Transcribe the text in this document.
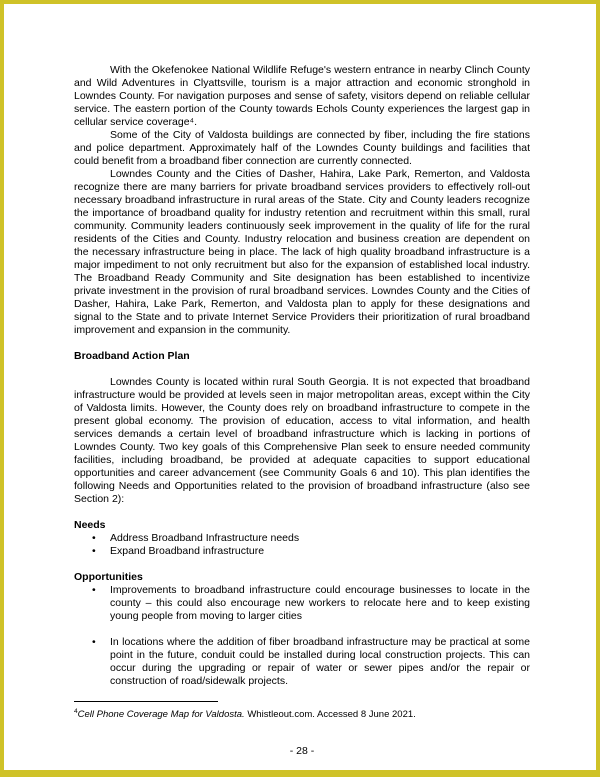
With the Okefenokee National Wildlife Refuge's western entrance in nearby Clinch County and Wild Adventures in Clyattsville, tourism is a major attraction and economic stronghold in Lowndes County. For navigation purposes and sense of safety, visitors depend on reliable cellular service. The eastern portion of the County towards Echols County experiences the largest gap in cellular service coverage⁴.

Some of the City of Valdosta buildings are connected by fiber, including the fire stations and police department. Approximately half of the Lowndes County buildings and facilities that could benefit from a broadband fiber connection are currently connected.

Lowndes County and the Cities of Dasher, Hahira, Lake Park, Remerton, and Valdosta recognize there are many barriers for private broadband services providers to effectively roll-out necessary broadband infrastructure in rural areas of the State. City and County leaders recognize the importance of broadband quality for industry retention and recruitment within this small, rural community. Community leaders continuously seek improvement in the quality of life for the rural residents of the Cities and County. Industry relocation and business creation are dependent on the necessary infrastructure being in place. The lack of high quality broadband infrastructure is a major impediment to not only recruitment but also for the expansion of established local industry. The Broadband Ready Community and Site designation has been established to incentivize private investment in the provision of rural broadband services. Lowndes County and the Cities of Dasher, Hahira, Lake Park, Remerton, and Valdosta plan to apply for these designations and signal to the State and to private Internet Service Providers their prioritization of rural broadband improvement and expansion in the community.

Broadband Action Plan

Lowndes County is located within rural South Georgia. It is not expected that broadband infrastructure would be provided at levels seen in major metropolitan areas, except within the City of Valdosta limits. However, the County does rely on broadband infrastructure to compete in the present global economy. The provision of education, access to vital information, and health services demands a certain level of broadband infrastructure which is lacking in portions of Lowndes County. Two key goals of this Comprehensive Plan seek to ensure needed community facilities, including broadband, be provided at adequate capacities to support educational opportunities and career advancement (see Community Goals 6 and 10). This plan identifies the following Needs and Opportunities related to the provision of broadband infrastructure (also see Section 2):

Needs
•	Address Broadband Infrastructure needs
•	Expand Broadband infrastructure
Opportunities
•	Improvements to broadband infrastructure could encourage businesses to locate in the county – this could also encourage new workers to relocate here and to keep existing young people from moving to larger cities
•	In locations where the addition of fiber broadband infrastructure may be practical at some point in the future, conduit could be installed during local construction projects. This can occur during the upgrading or repair of water or sewer pipes and/or the repair or construction of road/sidewalk projects.

$^4$Cell Phone Coverage Map for Valdosta. Whistleout.com. Accessed 8 June 2021.

- 28 -
